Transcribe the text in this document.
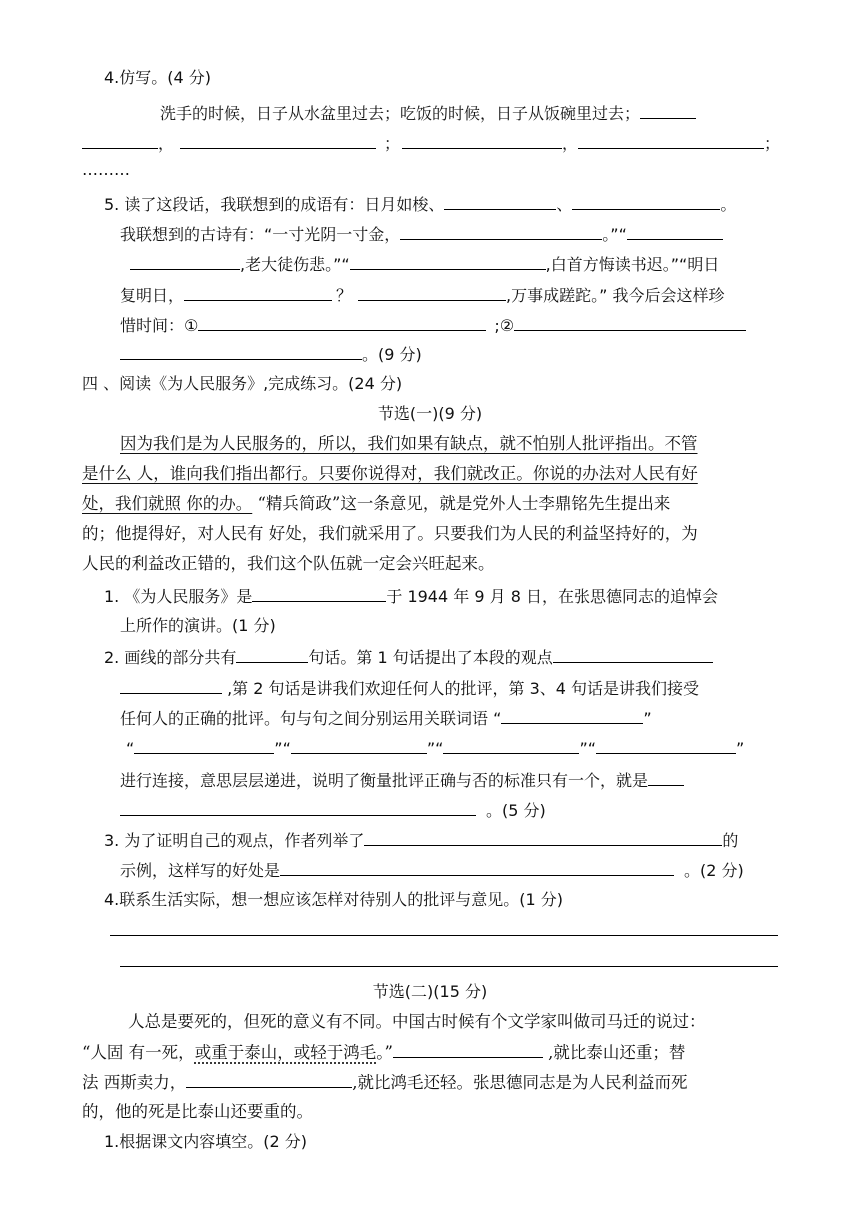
4.仿写。(4 分)
洗手的时候，日子从水盆里过去；吃饭的时候，日子从饭碗里过去；
，	；	，	；
………
5. 读了这段话，我联想到的成语有：日月如梭、	、	。
我联想到的古诗有：“一寸光阴一寸金，	。”“
,老大徒伤悲。”“	,白首方悔读书迟。”“明日
复明日，	？	,万事成蹉跎。” 我今后会这样珍
惜时间：①	;②
。(9 分)
四 、阅读《为人民服务》,完成练习。(24 分)
节选(一)(9 分)
因为我们是为人民服务的，所以，我们如果有缺点，就不怕别人批评指出。不管
是什么 人，谁向我们指出都行。只要你说得对，我们就改正。你说的办法对人民有好
处，我们就照 你的办。 “精兵简政”这一条意见，就是党外人士李鼎铭先生提出来
的；他提得好，对人民有 好处，我们就采用了。只要我们为人民的利益坚持好的，为
人民的利益改正错的，我们这个队伍就一定会兴旺起来。
1. 《为人民服务》是	于 1944 年 9 月 8 日，在张思德同志的追悼会
上所作的演讲。(1 分)
2. 画线的部分共有	句话。第 1 句话提出了本段的观点
,第 2 句话是讲我们欢迎任何人的批评，第 3、4 句话是讲我们接受
任何人的正确的批评。句与句之间分别运用关联词语 “	”
“	”“	”“	”“	”
进行连接，意思层层递进，说明了衡量批评正确与否的标准只有一个，就是
。(5 分)
3. 为了证明自己的观点，作者列举了	的
示例，这样写的好处是	。(2 分)
4.联系生活实际，想一想应该怎样对待别人的批评与意见。(1 分)
节选(二)(15 分)
人总是要死的，但死的意义有不同。中国古时候有个文学家叫做司马迁的说过：
“人固 有一死，或重于泰山，或轻于鸿毛。”	,就比泰山还重；替
法 西斯卖力，	,就比鸿毛还轻。张思德同志是为人民利益而死
的，他的死是比泰山还要重的。
1.根据课文内容填空。(2 分)
